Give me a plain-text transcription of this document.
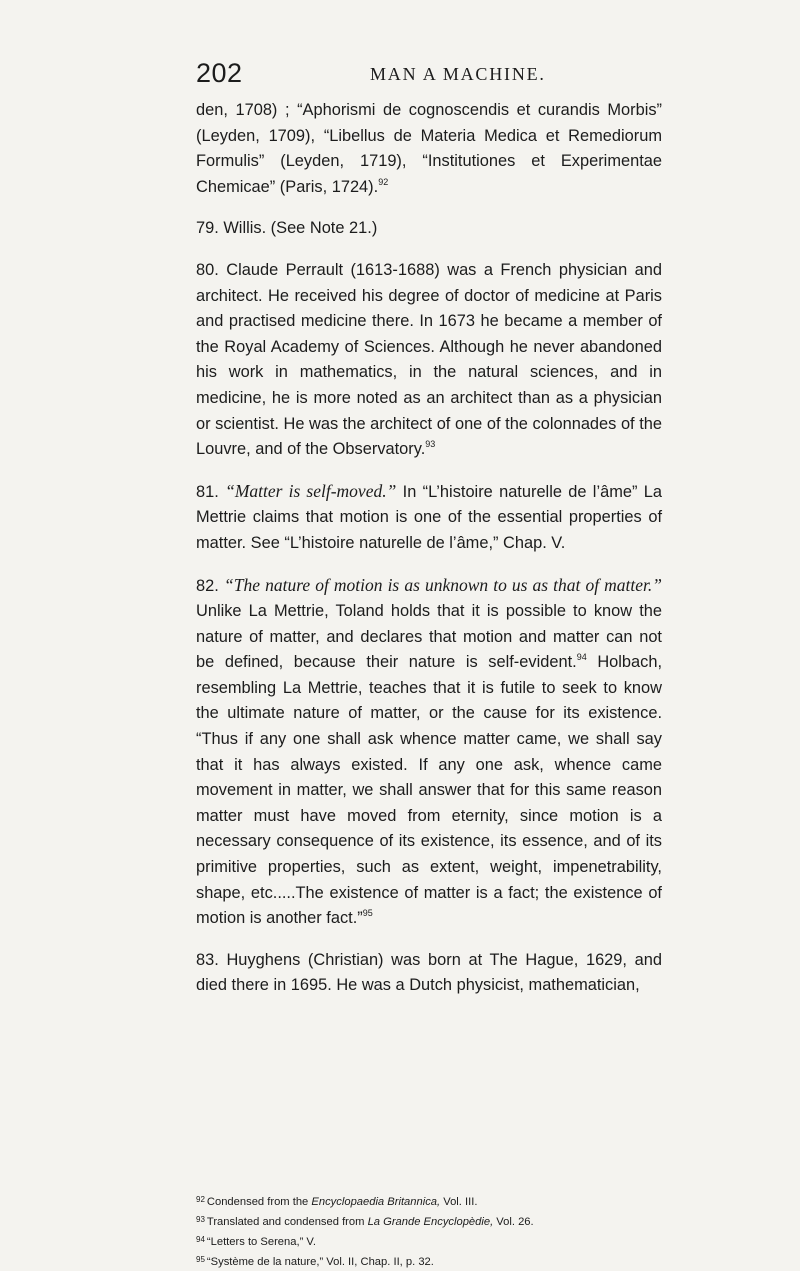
202	MAN A MACHINE.

den, 1708) ; “Aphorismi de cognoscendis et curandis Morbis” (Leyden, 1709), “Libellus de Materia Medica et Remediorum Formulis” (Leyden, 1719), “Institutiones et Experimentae Chemicae” (Paris, 1724).$^{92}$

79. Willis. (See Note 21.)

80. Claude Perrault (1613-1688) was a French physician and architect. He received his degree of doctor of medicine at Paris and practised medicine there. In 1673 he became a member of the Royal Academy of Sciences. Although he never abandoned his work in mathematics, in the natural sciences, and in medicine, he is more noted as an architect than as a physician or scientist. He was the architect of one of the colonnades of the Louvre, and of the Observatory.$^{93}$

81. “Matter is self-moved.” In “L’histoire naturelle de l’âme” La Mettrie claims that motion is one of the essential properties of matter. See “L’histoire naturelle de l’âme,” Chap. V.

82. “The nature of motion is as unknown to us as that of matter.” Unlike La Mettrie, Toland holds that it is possible to know the nature of matter, and declares that motion and matter can not be defined, because their nature is self-evident.$^{94}$ Holbach, resembling La Mettrie, teaches that it is futile to seek to know the ultimate nature of matter, or the cause for its existence. “Thus if any one shall ask whence matter came, we shall say that it has always existed. If any one ask, whence came movement in matter, we shall answer that for this same reason matter must have moved from eternity, since motion is a necessary consequence of its existence, its essence, and of its primitive properties, such as extent, weight, impenetrability, shape, etc.....The existence of matter is a fact; the existence of motion is another fact.”$^{95}$

83. Huyghens (Christian) was born at The Hague, 1629, and died there in 1695. He was a Dutch physicist, mathematician,

$^{92}$ Condensed from the Encyclopaedia Britannica, Vol. III.

$^{93}$ Translated and condensed from La Grande Encyclopèdie, Vol. 26.

$^{94}$ “Letters to Serena,” V.

$^{95}$ “Système de la nature,” Vol. II, Chap. II, p. 32.
